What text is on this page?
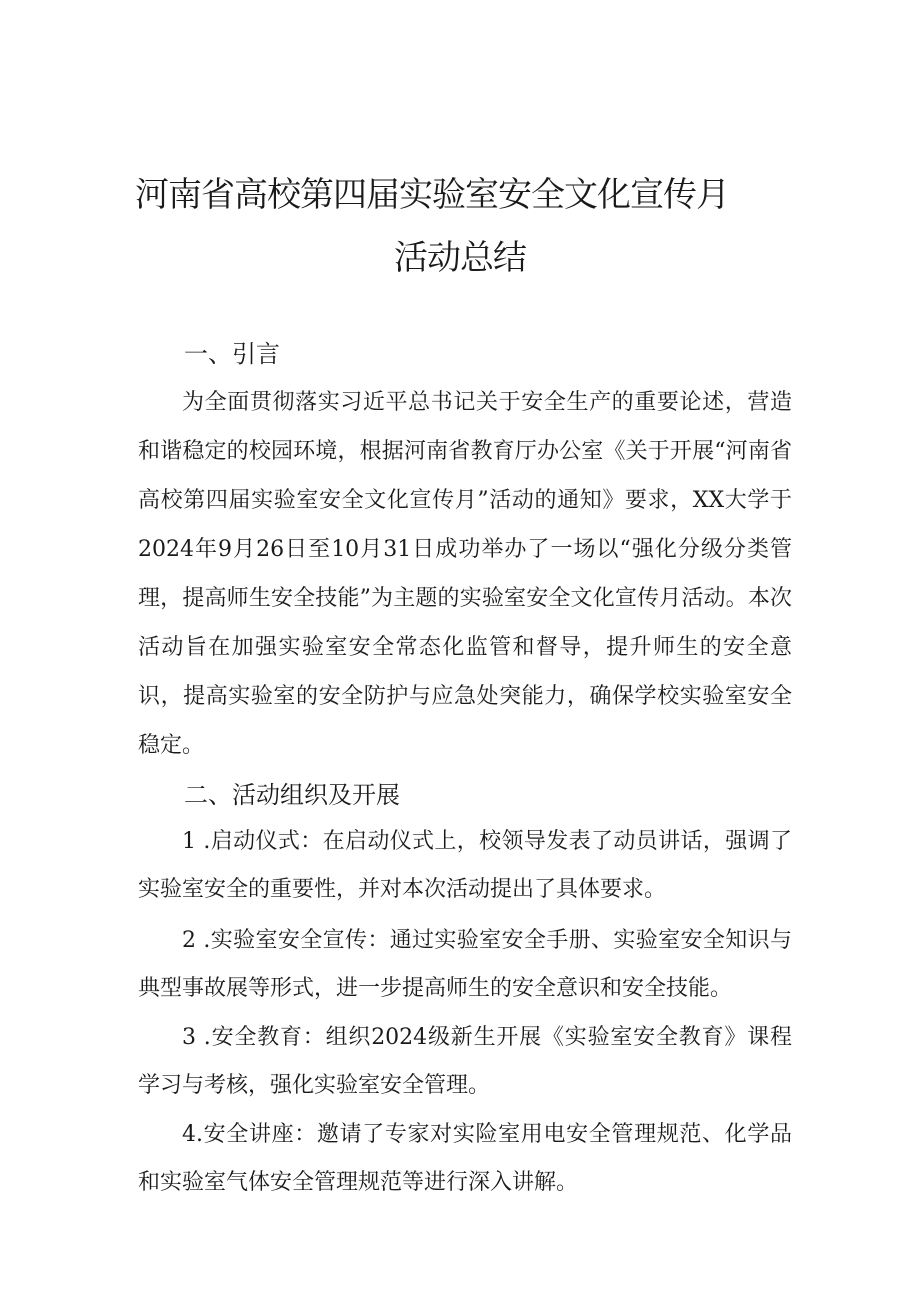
河南省高校第四届实验室安全文化宣传月
活动总结
一、引言

为全面贯彻落实习近平总书记关于安全生产的重要论述，营造和谐稳定的校园环境，根据河南省教育厅办公室《关于开展“河南省高校第四届实验室安全文化宣传月”活动的通知》要求，XX大学于2024年9月26日至10月31日成功举办了一场以“强化分级分类管理，提高师生安全技能”为主题的实验室安全文化宣传月活动。本次活动旨在加强实验室安全常态化监管和督导，提升师生的安全意识，提高实验室的安全防护与应急处突能力，确保学校实验室安全稳定。

二、活动组织及开展

1 .启动仪式：在启动仪式上，校领导发表了动员讲话，强调了实验室安全的重要性，并对本次活动提出了具体要求。

2 .实验室安全宣传：通过实验室安全手册、实验室安全知识与典型事故展等形式，进一步提高师生的安全意识和安全技能。

3 .安全教育：组织2024级新生开展《实验室安全教育》课程学习与考核，强化实验室安全管理。

4.安全讲座：邀请了专家对实险室用电安全管理规范、化学品和实验室气体安全管理规范等进行深入讲解。
